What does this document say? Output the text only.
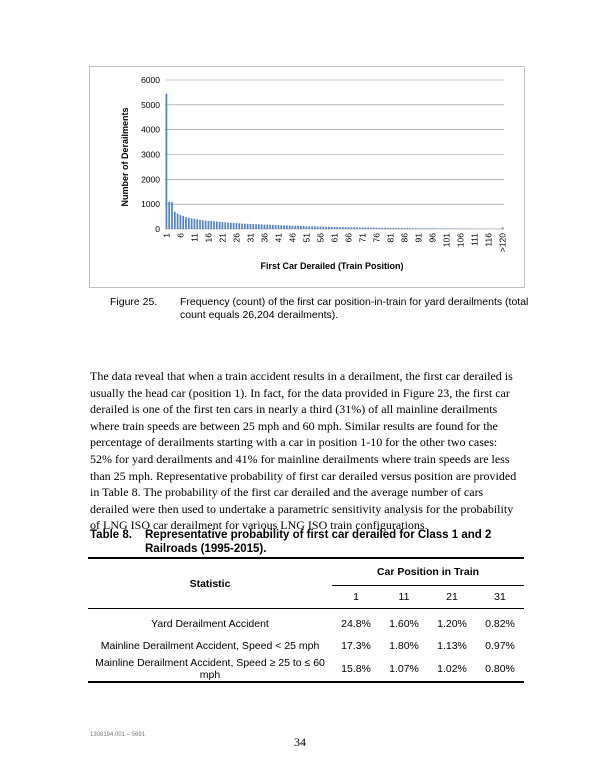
0
1000
2000
3000
4000
5000
6000
1 6 11 16 21 26 31 36 41 46 51 56 61 66 71 76 81 86 91 96 101 106 111 116 >120
Number of Derailments
First Car Derailed (Train Position)
Figure 25. Frequency (count) of the first car position-in-train for yard derailments (total count equals 26,204 derailments).
The data reveal that when a train accident results in a derailment, the first car derailed is usually the head car (position 1). In fact, for the data provided in Figure 23, the first car derailed is one of the first ten cars in nearly a third (31%) of all mainline derailments where train speeds are between 25 mph and 60 mph. Similar results are found for the percentage of derailments starting with a car in position 1-10 for the other two cases: 52% for yard derailments and 41% for mainline derailments where train speeds are less than 25 mph. Representative probability of first car derailed versus position are provided in Table 8. The probability of the first car derailed and the average number of cars derailed were then used to undertake a parametric sensitivity analysis for the probability of LNG ISO car derailment for various LNG ISO train configurations.
Table 8. Representative probability of first car derailed for Class 1 and 2 Railroads (1995-2015).
Statistic	Car Position in Train			
	1	11	21	31
Yard Derailment Accident	24.8%	1.60%	1.20%	0.82%
Mainline Derailment Accident, Speed < 25 mph	17.3%	1.80%	1.13%	0.97%
Mainline Derailment Accident, Speed ≥ 25 to ≤ 60 mph	15.8%	1.07%	1.02%	0.80%
1308194.001 – 5691	34
